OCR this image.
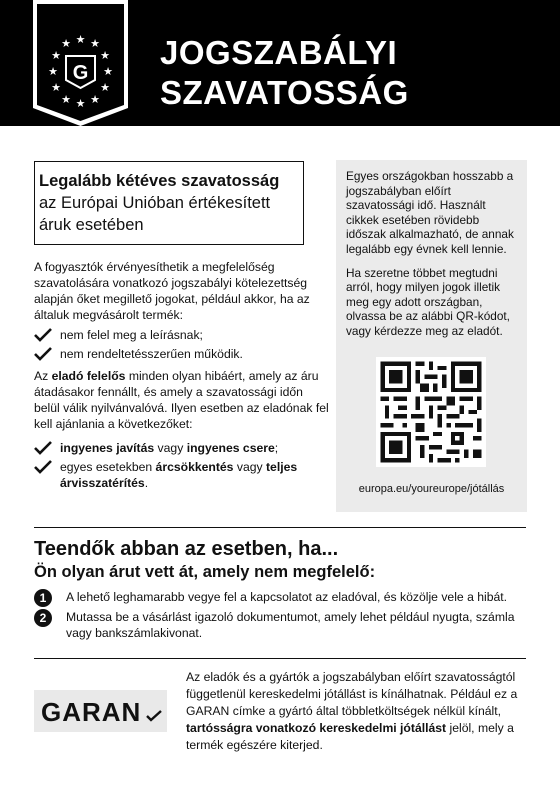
★ ★
★
★
★
★
★
★
★
★
★
★
G
JOGSZABÁLYI
SZAVATOSSÁG
Legalább kétéves szavatosság az Európai Unióban értékesített áruk esetében

A fogyasztók érvényesíthetik a megfelelőség szavatolására vonatkozó jogszabályi kötelezettség alapján őket megillető jogokat, például akkor, ha az általuk megvásárolt termék:

nem felel meg a leírásnak;
nem rendeltetésszerűen működik.

Az eladó felelős minden olyan hibáért, amely az áru átadásakor fennállt, és amely a szavatossági időn belül válik nyilvánvalóvá. Ilyen esetben az eladónak fel kell ajánlania a következőket:

ingyenes javítás vagy ingyenes csere;
egyes esetekben árcsökkentés vagy teljes árvisszatérítés.

Egyes országokban hosszabb a jogszabályban előírt szavatossági idő. Használt cikkek esetében rövidebb időszak alkalmazható, de annak legalább egy évnek kell lennie.

Ha szeretne többet megtudni arról, hogy milyen jogok illetik meg egy adott országban, olvassa be az alábbi QR-kódot, vagy kérdezze meg az eladót.

europa.eu/youreurope/jótállás
Teendők abban az esetben, ha...
Ön olyan árut vett át, amely nem megfelelő:
1	A lehető leghamarabb vegye fel a kapcsolatot az eladóval, és közölje vele a hibát.
2	Mutassa be a vásárlást igazoló dokumentumot, amely lehet például nyugta, számla vagy bankszámlakivonat.
GARAN

Az eladók és a gyártók a jogszabályban előírt szavatosságtól függetlenül kereskedelmi jótállást is kínálhatnak. Például ez a GARAN címke a gyártó által többletköltségek nélkül kínált, tartósságra vonatkozó kereskedelmi jótállást jelöl, mely a termék egészére kiterjed.
